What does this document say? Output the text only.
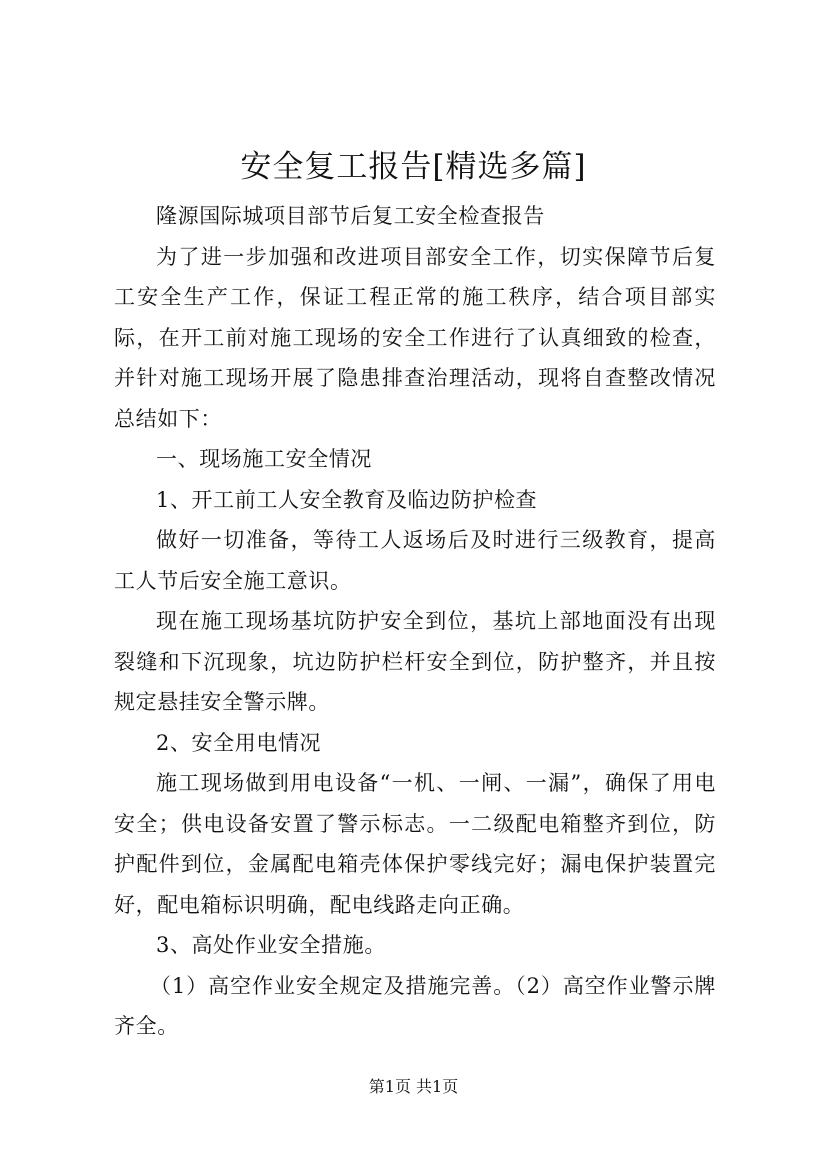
安全复工报告[精选多篇]

隆源国际城项目部节后复工安全检查报告

为了进一步加强和改进项目部安全工作，切实保障节后复工安全生产工作，保证工程正常的施工秩序，结合项目部实际，在开工前对施工现场的安全工作进行了认真细致的检查，并针对施工现场开展了隐患排查治理活动，现将自查整改情况总结如下：

一、现场施工安全情况

1、开工前工人安全教育及临边防护检查

做好一切准备，等待工人返场后及时进行三级教育，提高工人节后安全施工意识。

现在施工现场基坑防护安全到位，基坑上部地面没有出现裂缝和下沉现象，坑边防护栏杆安全到位，防护整齐，并且按规定悬挂安全警示牌。

2、安全用电情况

施工现场做到用电设备“一机、一闸、一漏”，确保了用电安全；供电设备安置了警示标志。一二级配电箱整齐到位，防护配件到位，金属配电箱壳体保护零线完好；漏电保护装置完好，配电箱标识明确，配电线路走向正确。

3、高处作业安全措施。

（1）高空作业安全规定及措施完善。（2）高空作业警示牌齐全。

第1页 共1页
